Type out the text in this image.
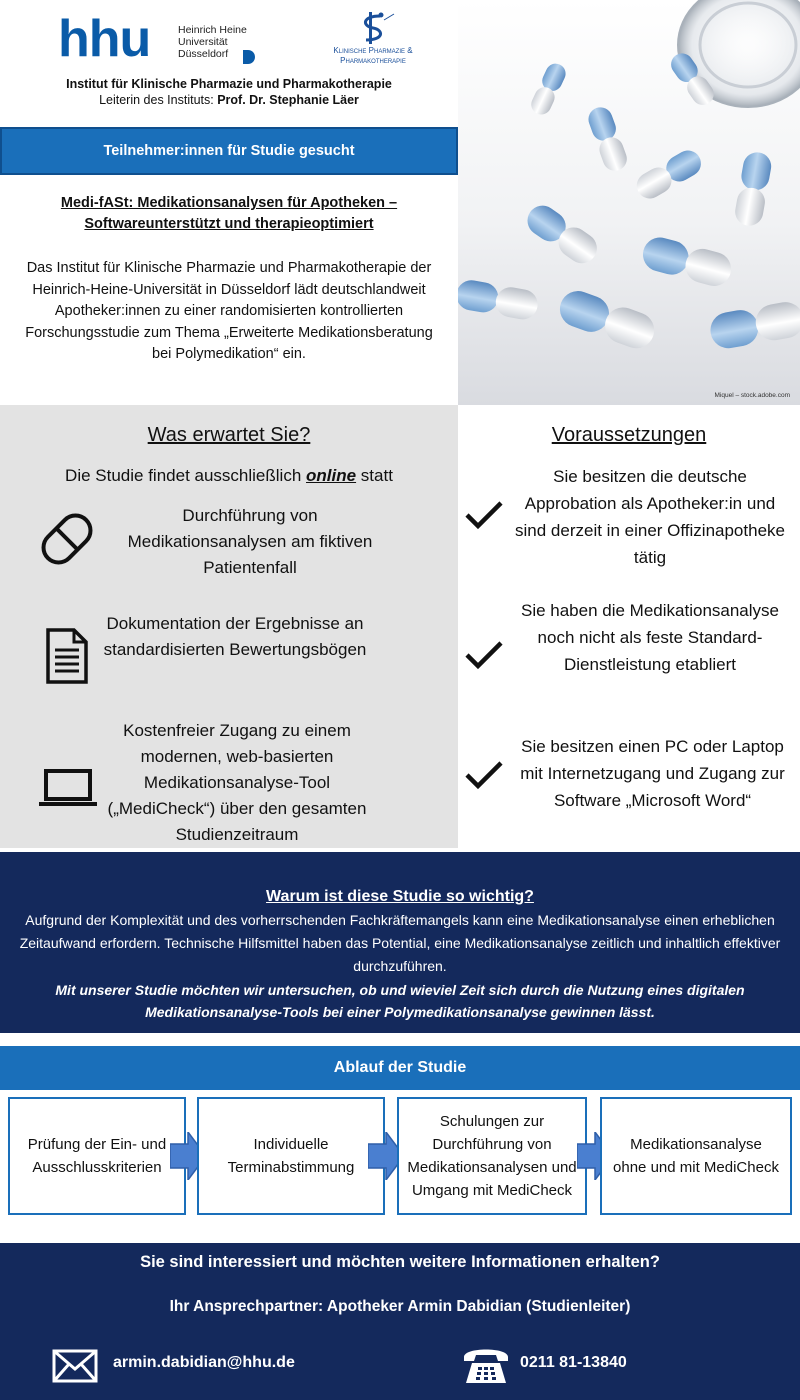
hhu	Heinrich Heine
Universität
Düsseldorf	Klinische Pharmazie &
Pharmakotherapie
Institut für Klinische Pharmazie und Pharmakotherapie
Leiterin des Instituts: Prof. Dr. Stephanie Läer
Teilnehmer:innen für Studie gesucht
Medi-fASt: Medikationsanalysen für Apotheken –
Softwareunterstützt und therapieoptimiert
Das Institut für Klinische Pharmazie und Pharmakotherapie der Heinrich-Heine-Universität in Düsseldorf lädt deutschlandweit Apotheker:innen zu einer randomisierten kontrollierten Forschungsstudie zum Thema „Erweiterte Medikationsberatung bei Polymedikation“ ein.
Miquel – stock.adobe.com
Was erwartet Sie?	Voraussetzungen
Die Studie findet ausschließlich online statt
Durchführung von Medikationsanalysen am fiktiven Patientenfall
Dokumentation der Ergebnisse an standardisierten Bewertungsbögen
Kostenfreier Zugang zu einem modernen, web-basierten Medikationsanalyse-Tool („MediCheck“) über den gesamten Studienzeitraum
Sie besitzen die deutsche Approbation als Apotheker:in und sind derzeit in einer Offizinapotheke tätig
Sie haben die Medikationsanalyse noch nicht als feste Standard-Dienstleistung etabliert
Sie besitzen einen PC oder Laptop mit Internetzugang und Zugang zur Software „Microsoft Word“
Warum ist diese Studie so wichtig?
Aufgrund der Komplexität und des vorherrschenden Fachkräftemangels kann eine Medikationsanalyse einen erheblichen Zeitaufwand erfordern. Technische Hilfsmittel haben das Potential, eine Medikationsanalyse zeitlich und inhaltlich effektiver durchzuführen.
Mit unserer Studie möchten wir untersuchen, ob und wieviel Zeit sich durch die Nutzung eines digitalen Medikationsanalyse-Tools bei einer Polymedikationsanalyse gewinnen lässt.
Ablauf der Studie
Prüfung der Ein- und Ausschlusskriterien
Individuelle Terminabstimmung
Schulungen zur Durchführung von Medikationsanalysen und Umgang mit MediCheck
Medikationsanalyse ohne und mit MediCheck
Sie sind interessiert und möchten weitere Informationen erhalten?
Ihr Ansprechpartner: Apotheker Armin Dabidian (Studienleiter)
armin.dabidian@hhu.de	0211 81-13840
